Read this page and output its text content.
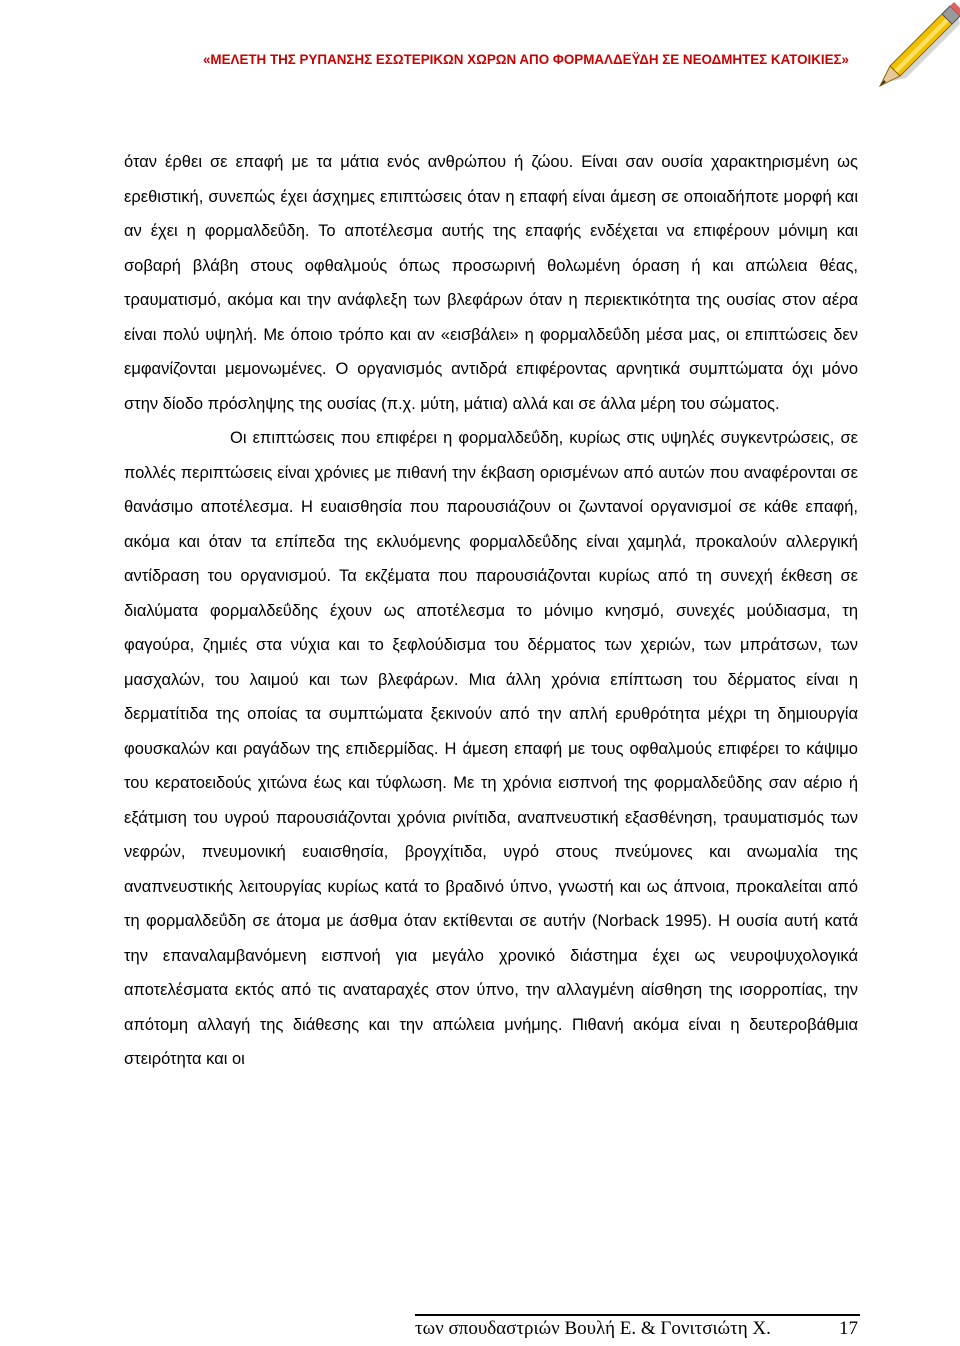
«ΜΕΛΕΤΗ ΤΗΣ ΡΥΠΑΝΣΗΣ ΕΣΩΤΕΡΙΚΩΝ ΧΩΡΩΝ ΑΠΟ ΦΟΡΜΑΛΔΕΫΔΗ ΣΕ ΝΕΟΔΜΗΤΕΣ ΚΑΤΟΙΚΙΕΣ»

όταν έρθει σε επαφή με τα μάτια ενός ανθρώπου ή ζώου. Είναι σαν ουσία χαρακτηρισμένη ως ερεθιστική, συνεπώς έχει άσχημες επιπτώσεις όταν η επαφή είναι άμεση σε οποιαδήποτε μορφή και αν έχει η φορμαλδεΰδη. Το αποτέλεσμα αυτής της επαφής ενδέχεται να επιφέρουν μόνιμη και σοβαρή βλάβη στους οφθαλμούς όπως προσωρινή θολωμένη όραση ή και απώλεια θέας, τραυματισμό, ακόμα και την ανάφλεξη των βλεφάρων όταν η περιεκτικότητα της ουσίας στον αέρα είναι πολύ υψηλή. Με όποιο τρόπο και αν «εισβάλει» η φορμαλδεΰδη μέσα μας, οι επιπτώσεις δεν εμφανίζονται μεμονωμένες. Ο οργανισμός αντιδρά επιφέροντας αρνητικά συμπτώματα όχι μόνο στην δίοδο πρόσληψης της ουσίας (π.χ. μύτη, μάτια) αλλά και σε άλλα μέρη του σώματος.

Οι επιπτώσεις που επιφέρει η φορμαλδεΰδη, κυρίως στις υψηλές συγκεντρώσεις, σε πολλές περιπτώσεις είναι χρόνιες με πιθανή την έκβαση ορισμένων από αυτών που αναφέρονται σε θανάσιμο αποτέλεσμα. Η ευαισθησία που παρουσιάζουν οι ζωντανοί οργανισμοί σε κάθε επαφή, ακόμα και όταν τα επίπεδα της εκλυόμενης φορμαλδεΰδης είναι χαμηλά, προκαλούν αλλεργική αντίδραση του οργανισμού. Τα εκζέματα που παρουσιάζονται κυρίως από τη συνεχή έκθεση σε διαλύματα φορμαλδεΰδης έχουν ως αποτέλεσμα το μόνιμο κνησμό, συνεχές μούδιασμα, τη φαγούρα, ζημιές στα νύχια και το ξεφλούδισμα του δέρματος των χεριών, των μπράτσων, των μασχαλών, του λαιμού και των βλεφάρων. Μια άλλη χρόνια επίπτωση του δέρματος είναι η δερματίτιδα της οποίας τα συμπτώματα ξεκινούν από την απλή ερυθρότητα μέχρι τη δημιουργία φουσκαλών και ραγάδων της επιδερμίδας. Η άμεση επαφή με τους οφθαλμούς επιφέρει το κάψιμο του κερατοειδούς χιτώνα έως και τύφλωση. Με τη χρόνια εισπνοή της φορμαλδεΰδης σαν αέριο ή εξάτμιση του υγρού παρουσιάζονται χρόνια ρινίτιδα, αναπνευστική εξασθένηση, τραυματισμός των νεφρών, πνευμονική ευαισθησία, βρογχίτιδα, υγρό στους πνεύμονες και ανωμαλία της αναπνευστικής λειτουργίας κυρίως κατά το βραδινό ύπνο, γνωστή και ως άπνοια, προκαλείται από τη φορμαλδεΰδη σε άτομα με άσθμα όταν εκτίθενται σε αυτήν (Norback 1995). Η ουσία αυτή κατά την επαναλαμβανόμενη εισπνοή για μεγάλο χρονικό διάστημα έχει ως νευροψυχολογικά αποτελέσματα εκτός από τις αναταραχές στον ύπνο, την αλλαγμένη αίσθηση της ισορροπίας, την απότομη αλλαγή της διάθεσης και την απώλεια μνήμης. Πιθανή ακόμα είναι η δευτεροβάθμια στειρότητα και οι

των σπουδαστριών Βουλή Ε. & Γονιτσιώτη Χ.	17
